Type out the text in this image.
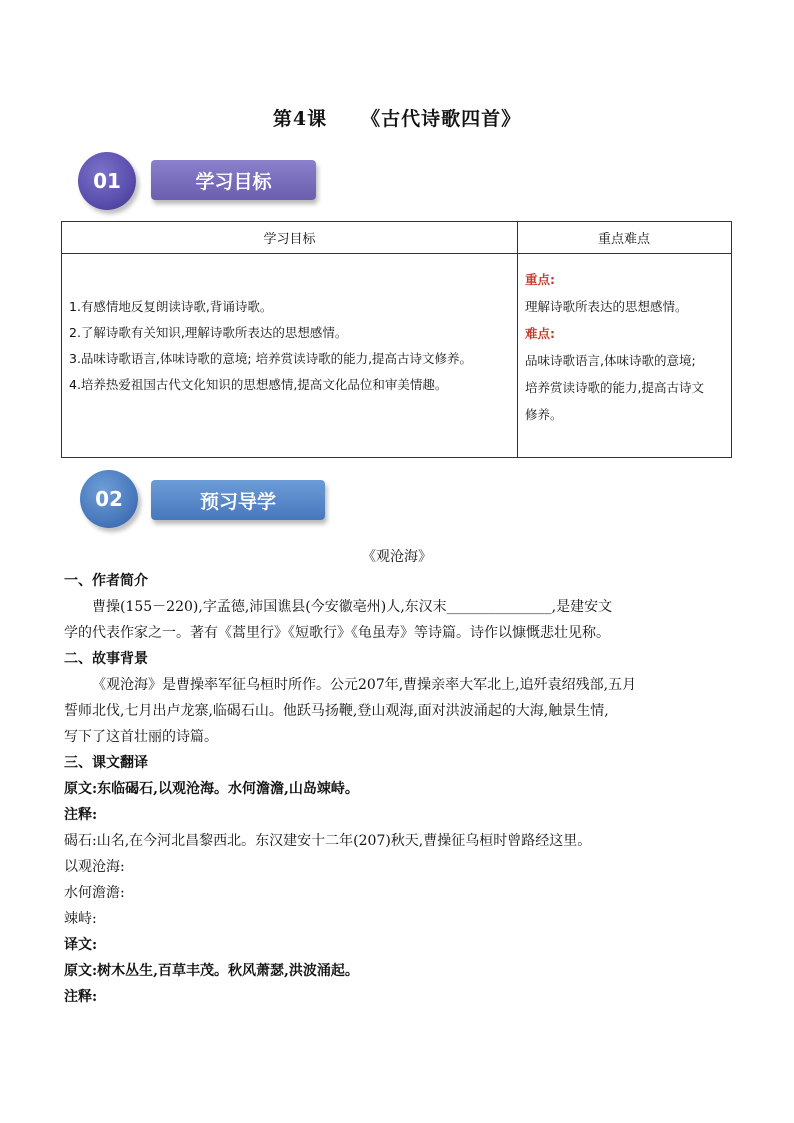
第4课 《古代诗歌四首》
学习目标
01
学习目标	重点难点
1.有感情地反复朗读诗歌,背诵诗歌。
2.了解诗歌有关知识,理解诗歌所表达的思想感情。
3.品味诗歌语言,体味诗歌的意境; 培养赏读诗歌的能力,提高古诗文修养。
4.培养热爱祖国古代文化知识的思想感情,提高文化品位和审美情趣。
重点:
理解诗歌所表达的思想感情。
难点:
品味诗歌语言,体味诗歌的意境;
培养赏读诗歌的能力,提高古诗文
修养。
预习导学
02
《观沧海》

一、作者简介

曹操(155－220),字孟德,沛国谯县(今安徽亳州)人,东汉末_______________,是建安文

学的代表作家之一。著有《蒿里行》《短歌行》《龟虽寿》等诗篇。诗作以慷慨悲壮见称。

二、故事背景

《观沧海》是曹操率军征乌桓时所作。公元207年,曹操亲率大军北上,追歼袁绍残部,五月

誓师北伐,七月出卢龙寨,临碣石山。他跃马扬鞭,登山观海,面对洪波涌起的大海,触景生情,

写下了这首壮丽的诗篇。

三、课文翻译

原文:东临碣石,以观沧海。水何澹澹,山岛竦峙。

注释:

碣石:山名,在今河北昌黎西北。东汉建安十二年(207)秋天,曹操征乌桓时曾路经这里。

以观沧海:

水何澹澹:

竦峙:

译文:

原文:树木丛生,百草丰茂。秋风萧瑟,洪波涌起。

注释:
